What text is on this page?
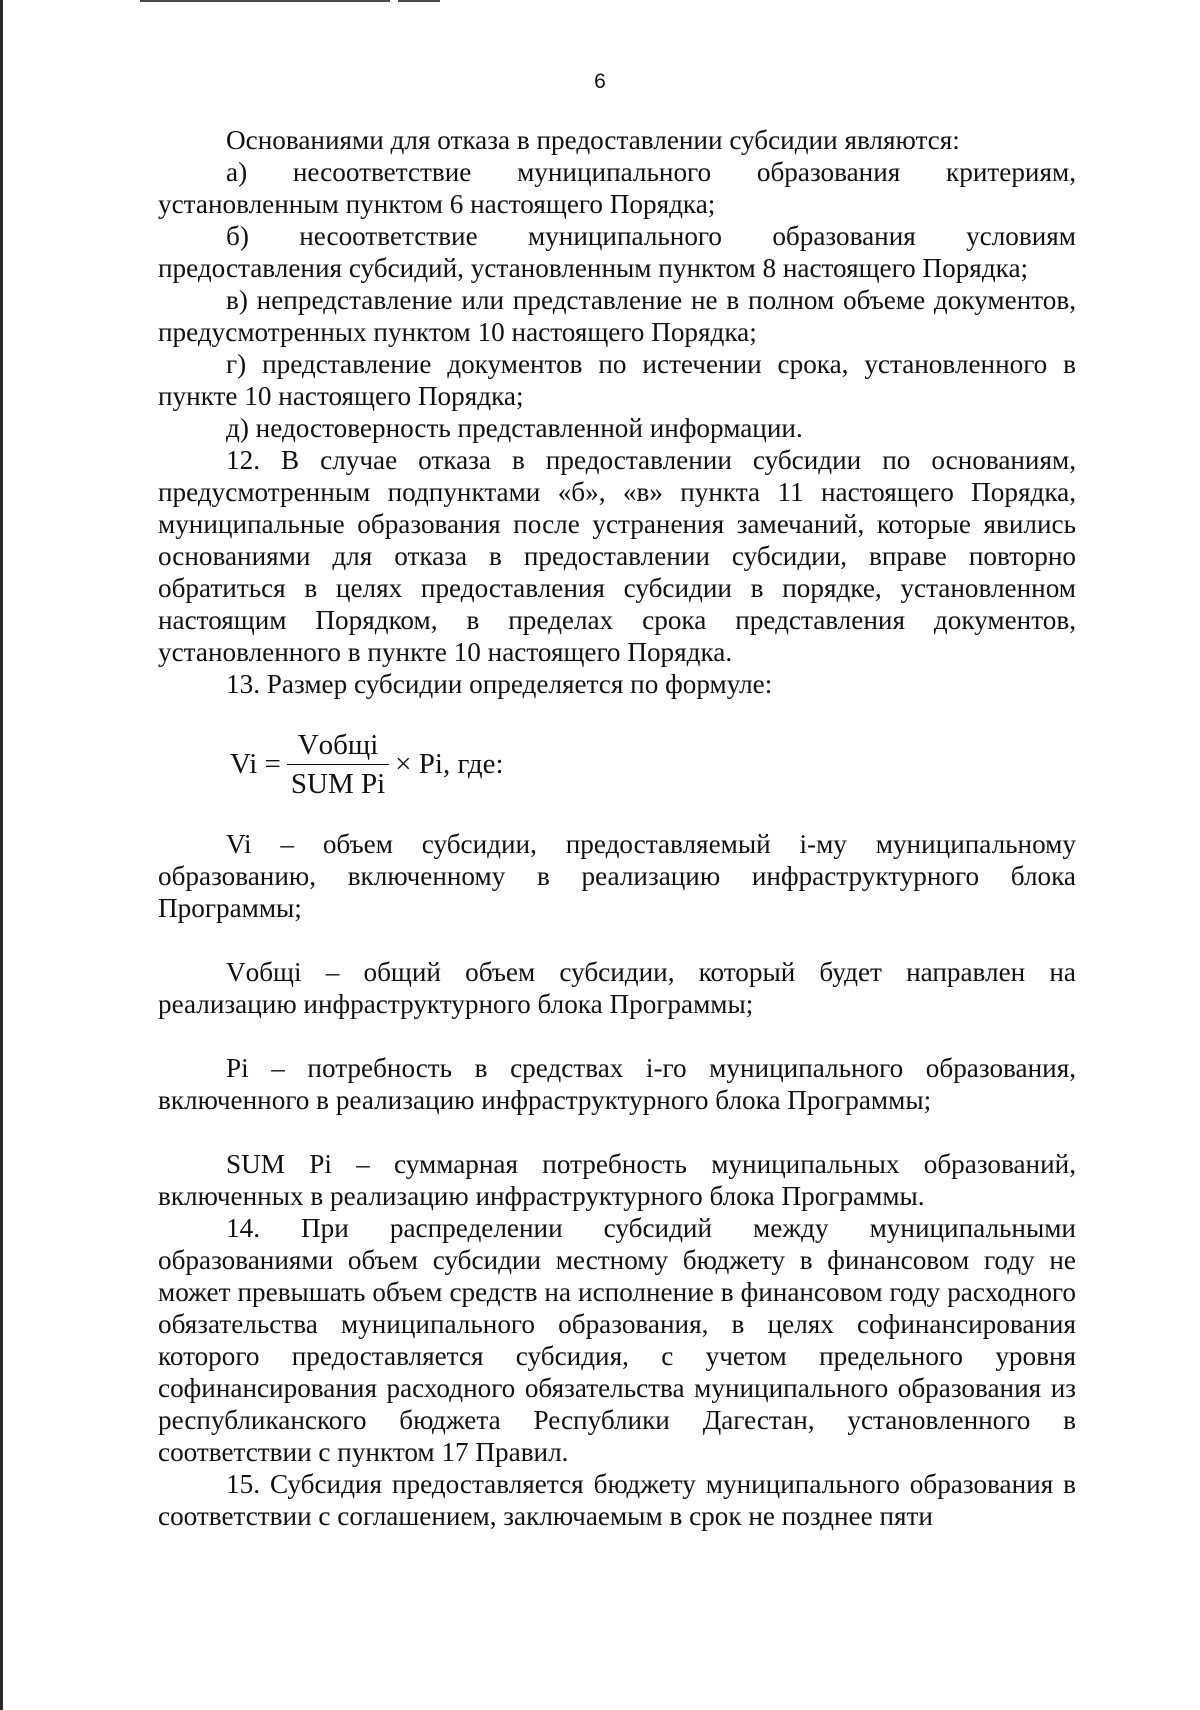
6

Основаниями для отказа в предоставлении субсидии являются:

а) несоответствие муниципального образования критериям, установленным пунктом 6 настоящего Порядка;

б) несоответствие муниципального образования условиям предоставления субсидий, установленным пунктом 8 настоящего Порядка;

в) непредставление или представление не в полном объеме документов, предусмотренных пунктом 10 настоящего Порядка;

г) представление документов по истечении срока, установленного в пункте 10 настоящего Порядка;

д) недостоверность представленной информации.

12. В случае отказа в предоставлении субсидии по основаниям, предусмотренным подпунктами «б», «в» пункта 11 настоящего Порядка, муниципальные образования после устранения замечаний, которые явились основаниями для отказа в предоставлении субсидии, вправе повторно обратиться в целях предоставления субсидии в порядке, установленном настоящим Порядком, в пределах срока представления документов, установленного в пункте 10 настоящего Порядка.

13. Размер субсидии определяется по формуле:

$Vi = \frac{\text{Vобщi}}{\text{SUM Pi}} \times Pi$, где:

Vi – объем субсидии, предоставляемый i-му муниципальному образованию, включенному в реализацию инфраструктурного блока Программы;

Vобщi – общий объем субсидии, который будет направлен на реализацию инфраструктурного блока Программы;

Pi – потребность в средствах i-го муниципального образования, включенного в реализацию инфраструктурного блока Программы;

SUM Pi – суммарная потребность муниципальных образований, включенных в реализацию инфраструктурного блока Программы.

14. При распределении субсидий между муниципальными образованиями объем субсидии местному бюджету в финансовом году не может превышать объем средств на исполнение в финансовом году расходного обязательства муниципального образования, в целях софинансирования которого предоставляется субсидия, с учетом предельного уровня софинансирования расходного обязательства муниципального образования из республиканского бюджета Республики Дагестан, установленного в соответствии с пунктом 17 Правил.

15. Субсидия предоставляется бюджету муниципального образования в соответствии с соглашением, заключаемым в срок не позднее пяти
